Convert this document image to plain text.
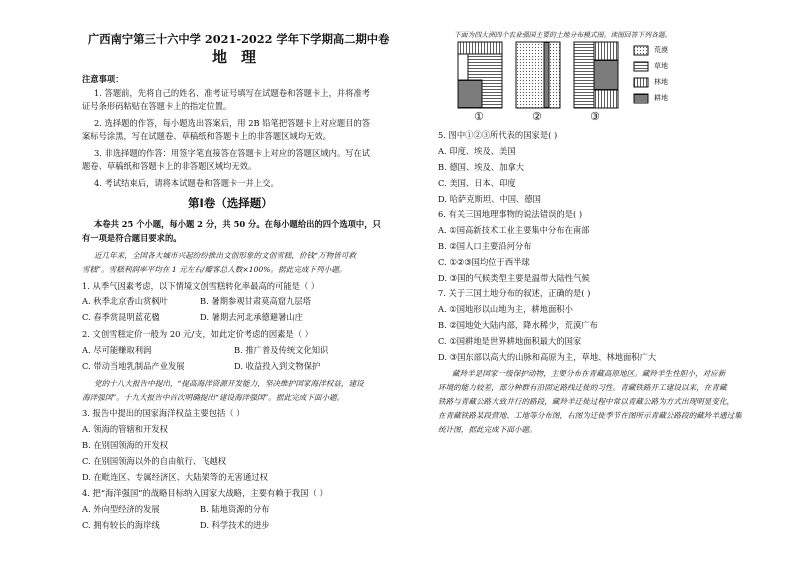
广西南宁第三十六中学 2021-2022 学年下学期高二期中卷
地理
注意事项：
1. 答题前，先将自己的姓名、准考证号填写在试题卷和答题卡上，并将准考
证号条形码粘贴在答题卡上的指定位置。
2. 选择题的作答，每小题选出答案后，用 2B 铅笔把答题卡上对应题目的答
案标号涂黑，写在试题卷、草稿纸和答题卡上的非答题区域均无效。
3. 非选择题的作答：用签字笔直接答在答题卡上对应的答题区域内。写在试
题卷、草稿纸和答题卡上的非答题区域均无效。
4. 考试结束后，请将本试题卷和答题卡一并上交。
第Ⅰ卷（选择题）
本卷共 25 个小题，每小题 2 分，共 50 分。在每小题给出的四个选项中，只
有一项是符合题目要求的。
近几年来，全国各大城市兴起纷纷推出文创形象的文创雪糕，价钱“万物皆可救
雪糕”。雪糕利润率平均在 1 元左右/瓣客总人数×100%。据此完成下列小题。
1. 从季气因素考虑，以下情境文创雪糕转化率最高的可能是（ ）
A. 秋季北京香山赏枫叶	B. 暑期参观甘肃莫高窟九层塔
C. 春季赏昆明蓝花楹	D. 暑期去河北承德避暑山庄
2. 文创雪糕定价一般为 20 元/支，如此定价考虑的因素是（ ）
A. 尽可能赚取利润	B. 推广普及传统文化知识
C. 带动当地乳制品产业发展	D. 收益投入到文物保护
党的十八大报告中提出，“提高海洋资源开发能力，坚决维护国家海洋权益，建设
海洋强国”。十九大报告中首次明确提出“建设海洋强国”。据此完成下面小题。
3. 报告中提出的国家海洋权益主要包括（ ）
A. 领海的管辖和开发权
B. 在别国领海的开发权
C. 在别国领海以外的自由航行、飞越权
D. 在毗连区、专属经济区、大陆架等的无害通过权
4. 把“海洋强国”的战略目标纳入国家大战略，主要有赖于我国（ ）
A. 外向型经济的发展	B. 陆地资源的分布
C. 拥有较长的海岸线	D. 科学技术的进步
下面为四大洲四个农业强国主要的土地分布模式图。读图回答下列各题。
荒漠
草地
林地
耕地
①	②	③
5. 图中①②③所代表的国家是( )
A. 印度、埃及、美国
B. 德国、埃及、加拿大
C. 美国、日本、印度
D. 哈萨克斯坦、中国、德国
6. 有关三国地理事物的说法错误的是( )
A. ①国高新技术工业主要集中分布在南部
B. ②国人口主要沿河分布
C. ①②③国均位于西半球
D. ③国的气候类型主要是温带大陆性气候
7. 关于三国土地分布的叙述，正确的是( )
A. ①国地形以山地为主，耕地面积小
B. ②国地处大陆内部，降水稀少，荒漠广布
C. ①国耕地是世界耕地面积最大的国家
D. ③国东部以高大的山脉和高原为主，草地、林地面积广大
藏羚羊是国家一级保护动物，主要分布在青藏高原地区。藏羚羊生性胆小，对应新
环境的能力较差，部分种群有沿固定路线迁徙的习性。青藏铁路开工建设以来，在青藏
铁路与青藏公路大致并行的路段，藏羚羊迁徙过程中常以青藏公路为方式出现明显变化，
在青藏铁路某段营地、工地等分布图，右图为迁徙季节在图所示青藏公路段的藏羚羊通过集
统计图，据此完成下面小题。
